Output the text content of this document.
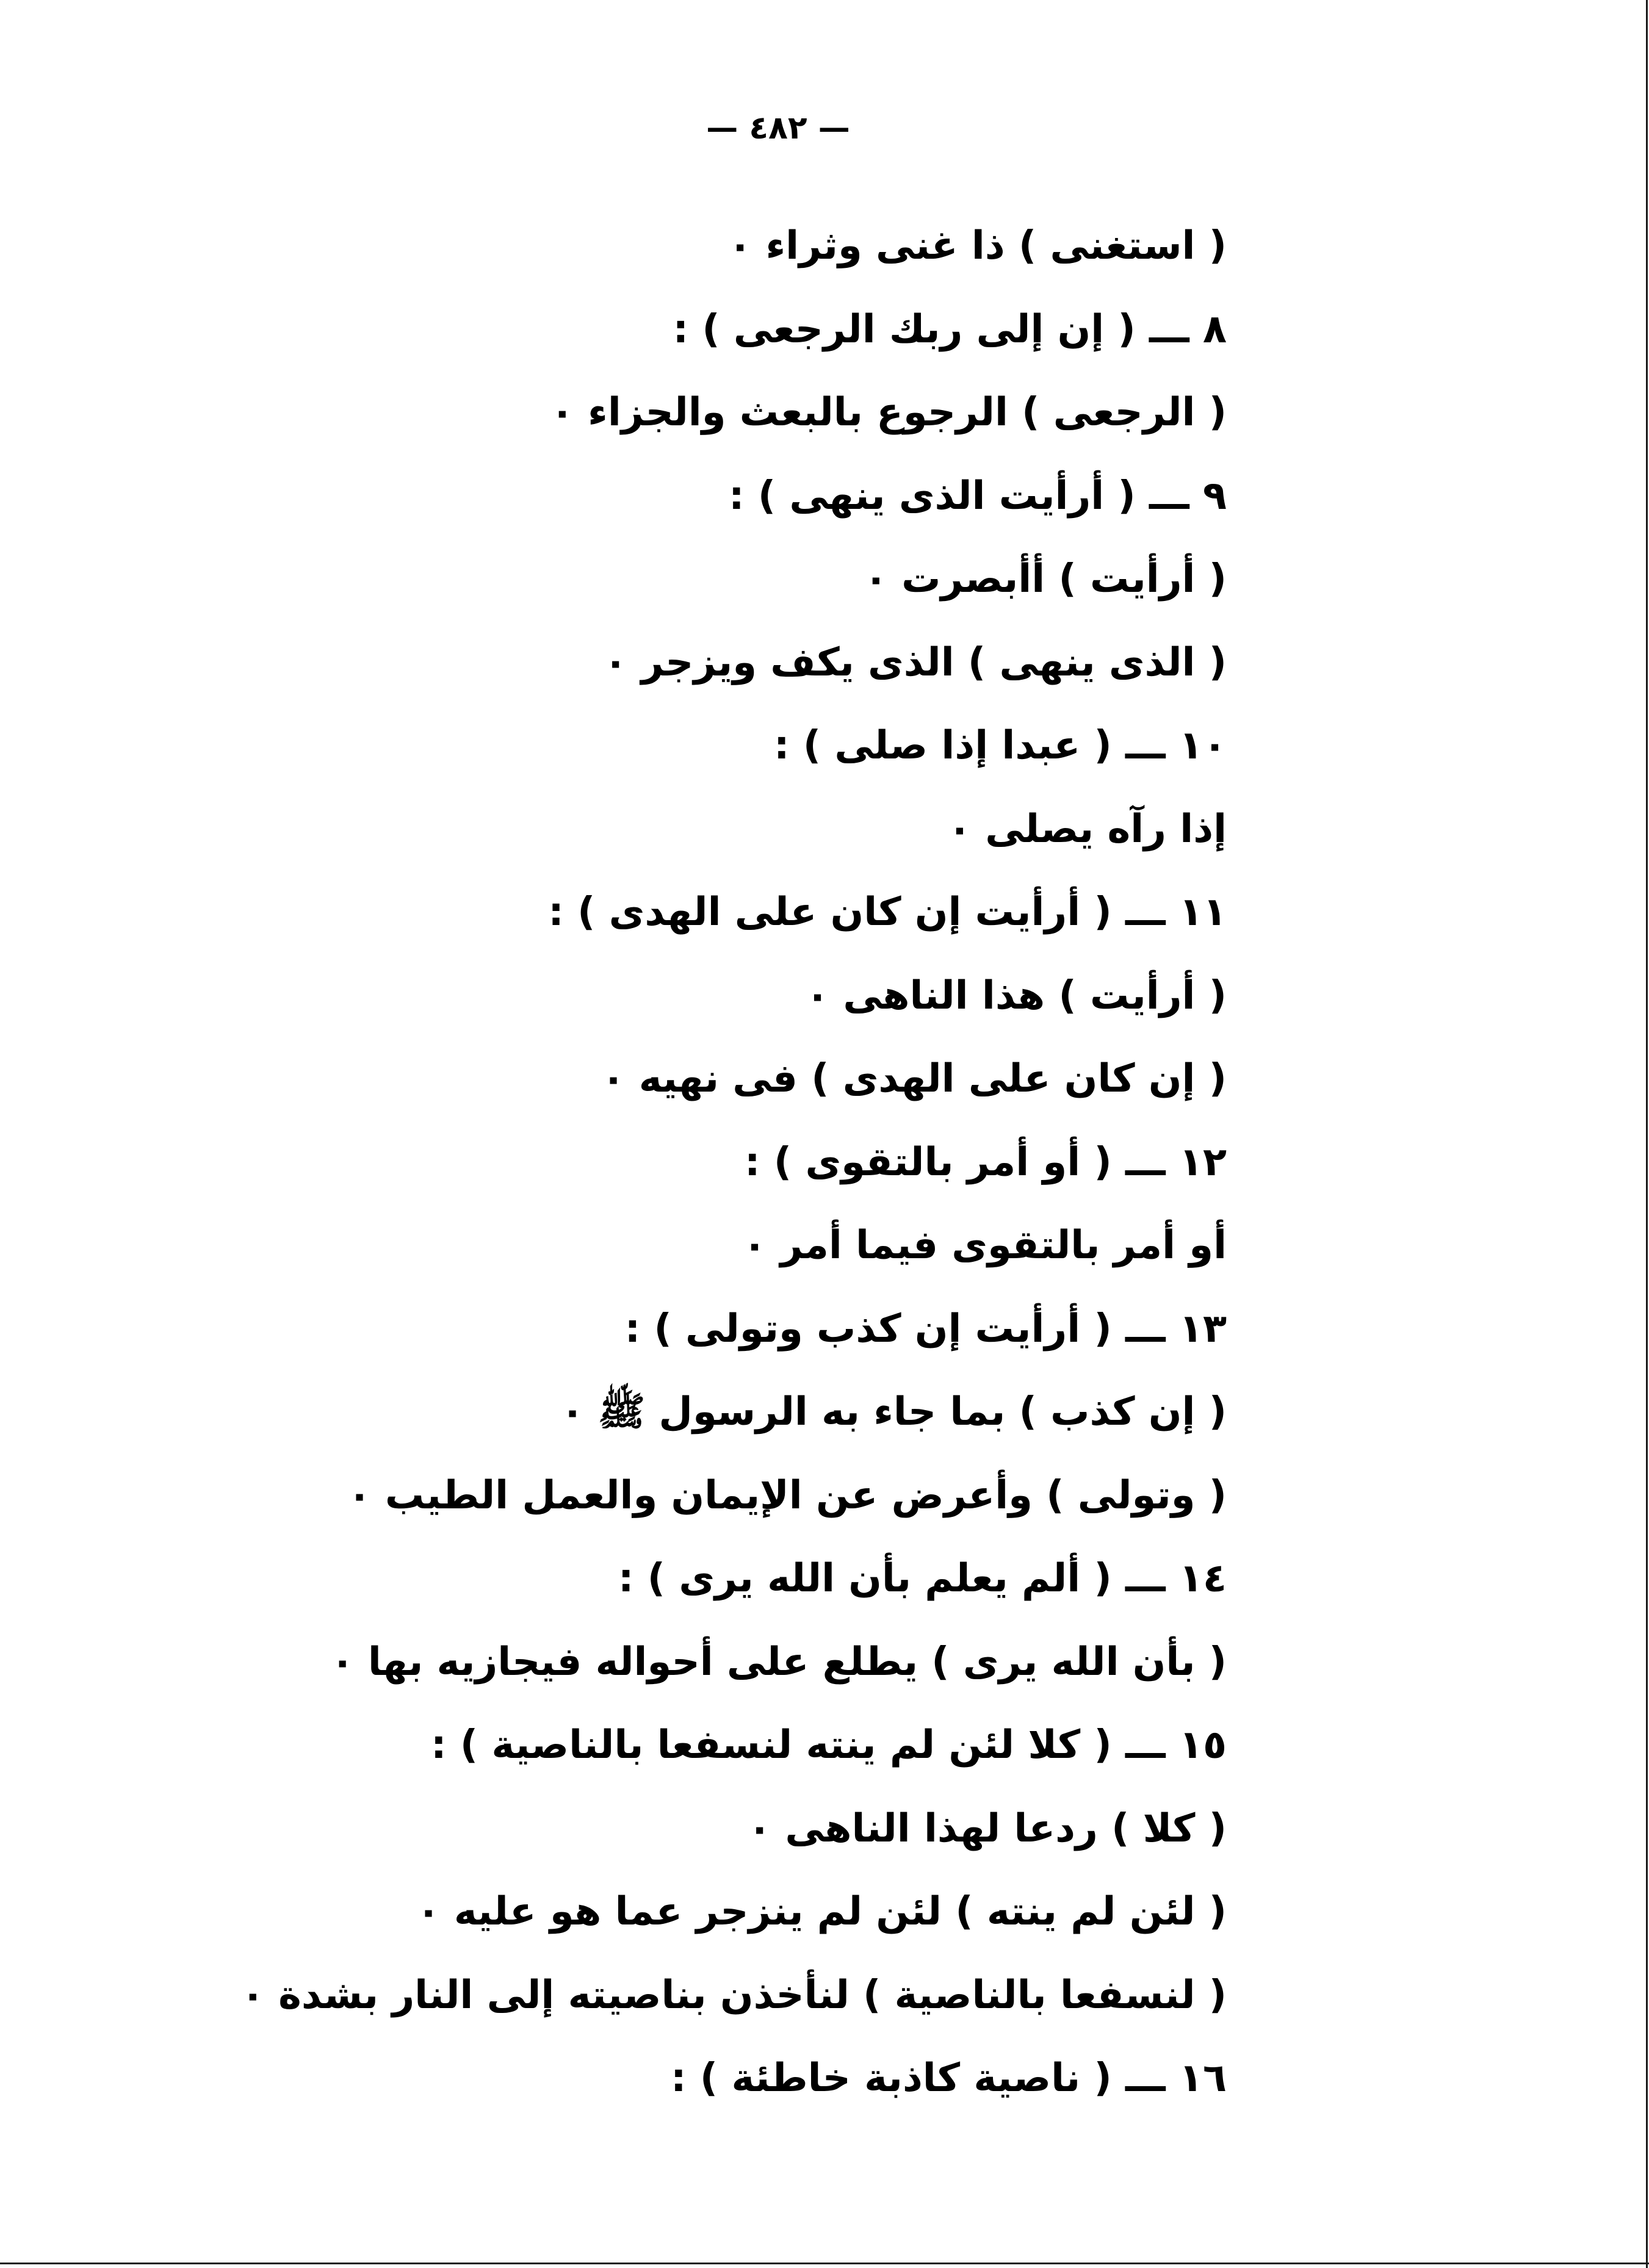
— ٤٨٢ —
( استغنى ) ذا غنى وثراء ٠
٨ ـــ ( إن إلى ربك الرجعى ) :
( الرجعى ) الرجوع بالبعث والجزاء ٠
٩ ـــ ( أرأيت الذى ينهى ) :
( أرأيت ) أأبصرت ٠
( الذى ينهى ) الذى يكف ويزجر ٠
١٠ ـــ ( عبدا إذا صلى ) :
إذا رآه يصلى ٠
١١ ـــ ( أرأيت إن كان على الهدى ) :
( أرأيت ) هذا الناهى ٠
( إن كان على الهدى ) فى نهيه ٠
١٢ ـــ ( أو أمر بالتقوى ) :
أو أمر بالتقوى فيما أمر ٠
١٣ ـــ ( أرأيت إن كذب وتولى ) :
( إن كذب ) بما جاء به الرسول ﷺ ٠
( وتولى ) وأعرض عن الإيمان والعمل الطيب ٠
١٤ ـــ ( ألم يعلم بأن الله يرى ) :
( بأن الله يرى ) يطلع على أحواله فيجازيه بها ٠
١٥ ـــ ( كلا لئن لم ينته لنسفعا بالناصية ) :
( كلا ) ردعا لهذا الناهى ٠
( لئن لم ينته ) لئن لم ينزجر عما هو عليه ٠
( لنسفعا بالناصية ) لنأخذن بناصيته إلى النار بشدة ٠
١٦ ـــ ( ناصية كاذبة خاطئة ) :
